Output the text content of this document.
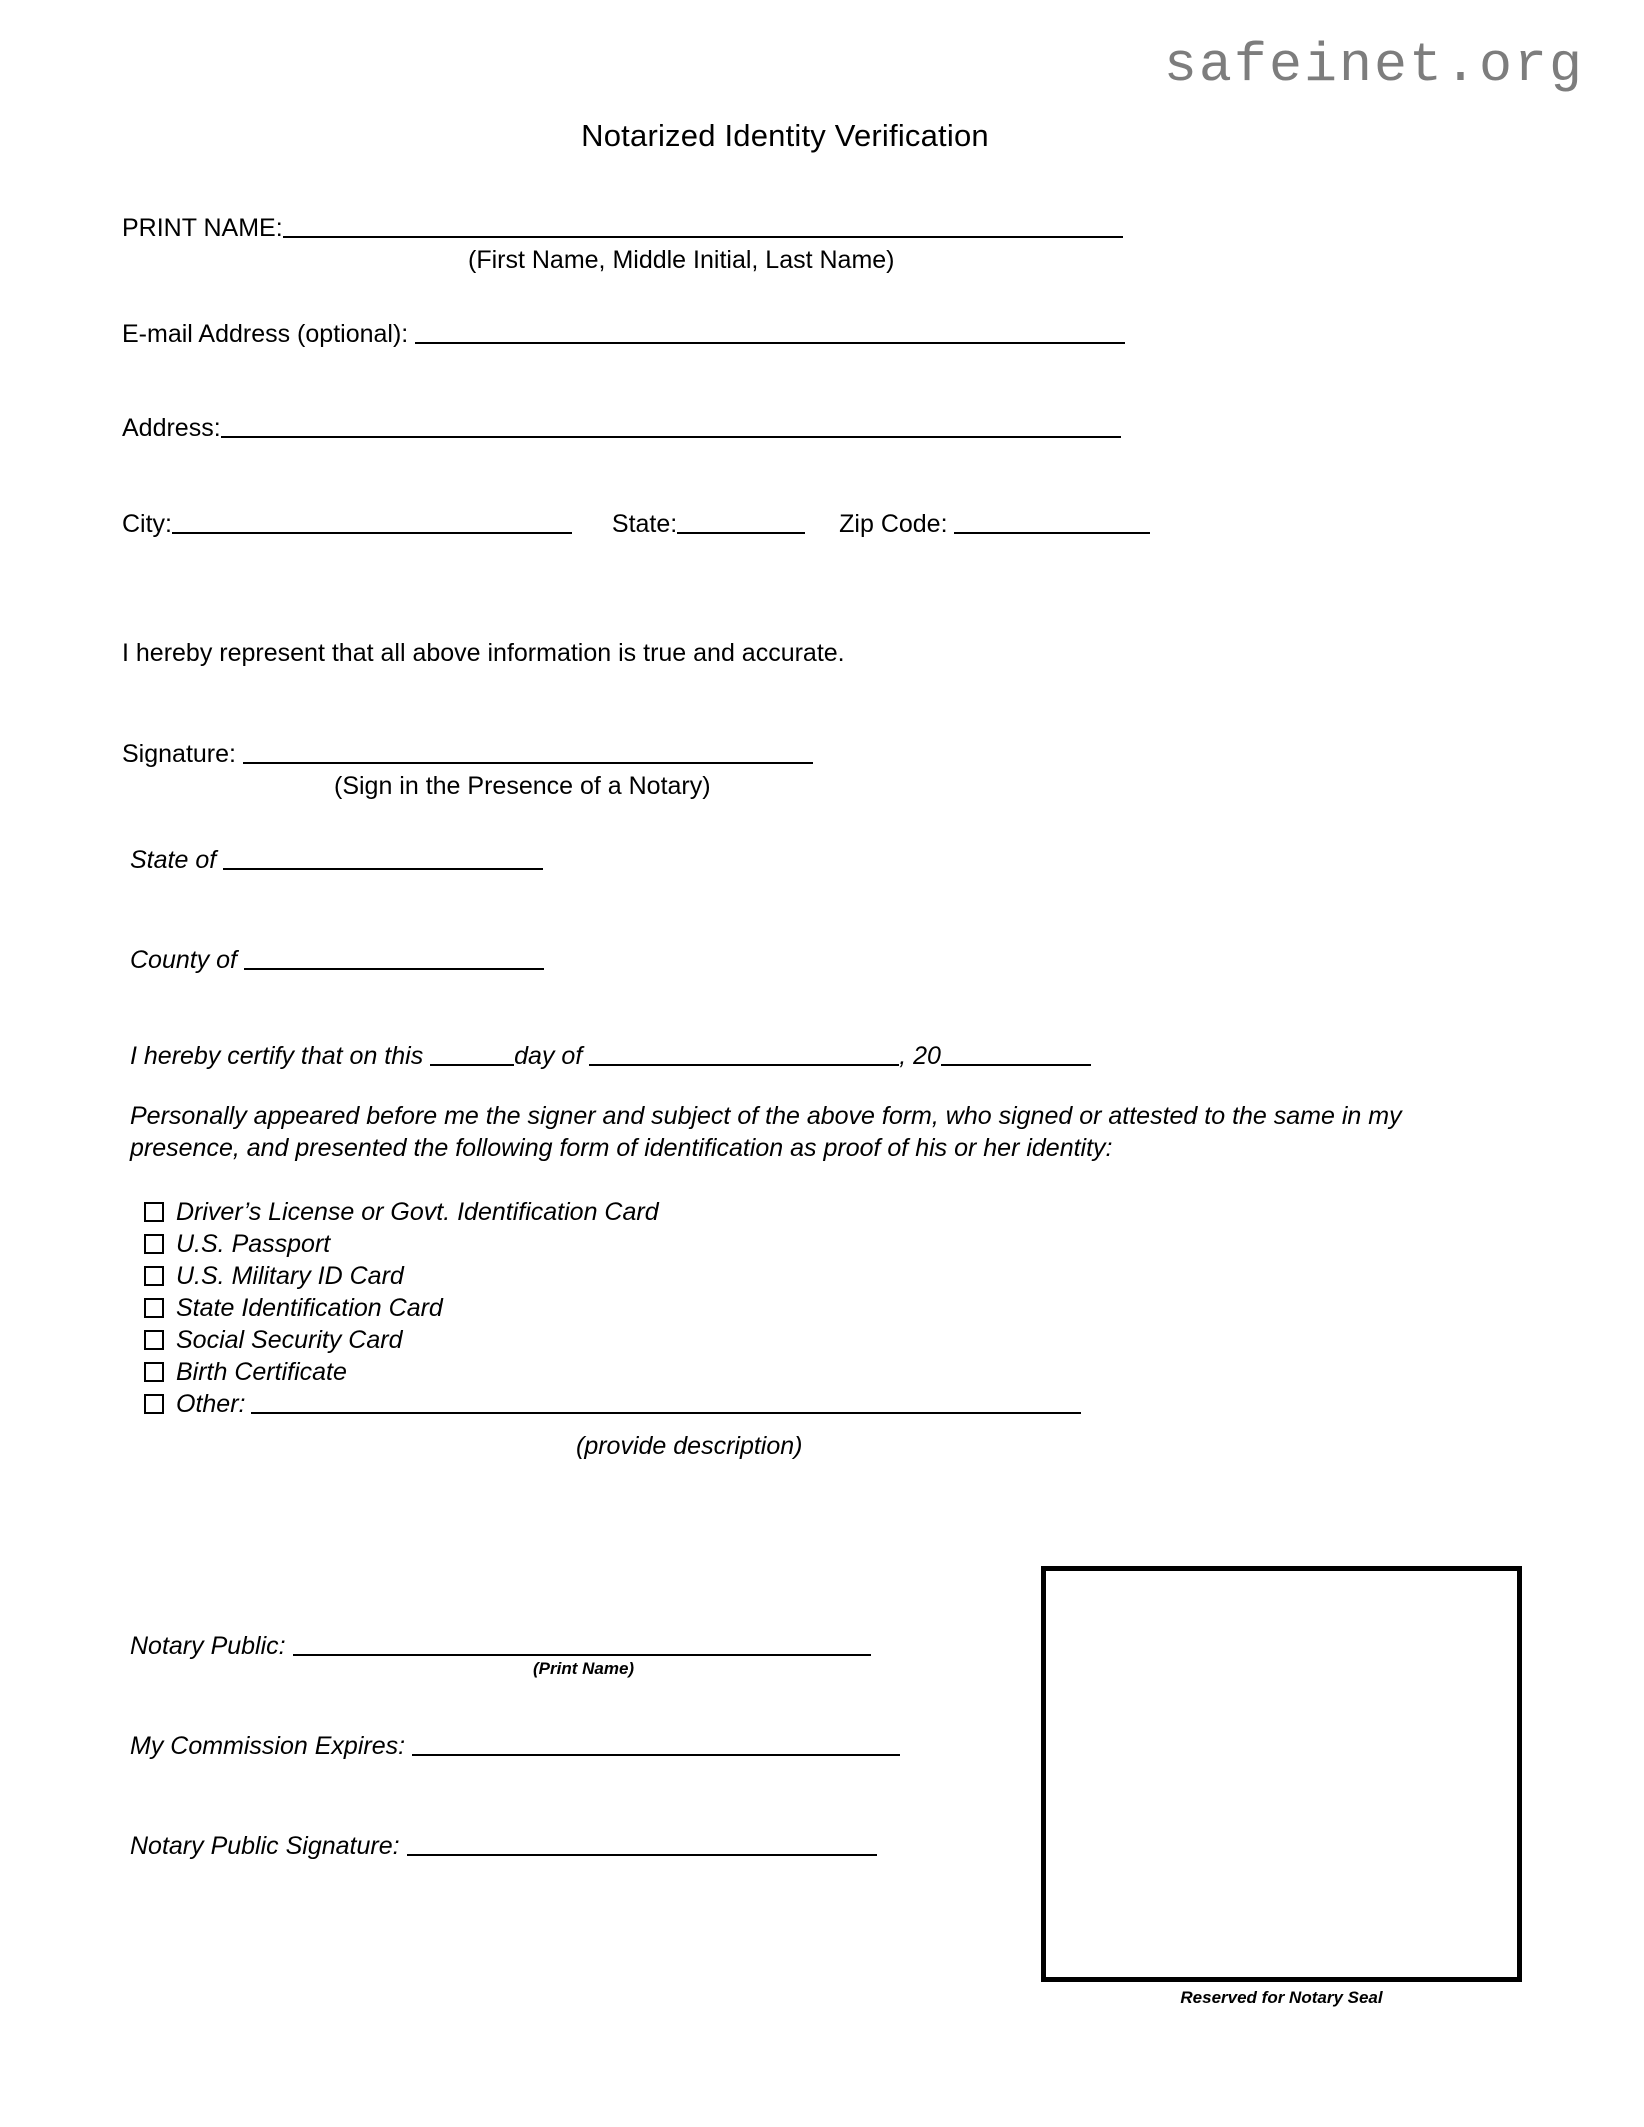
safeinet.org
Notarized Identity Verification
PRINT NAME:
(First Name, Middle Initial, Last Name)
E-mail Address (optional):
Address:
City:	State:	Zip Code:
I hereby represent that all above information is true and accurate.
Signature:
(Sign in the Presence of a Notary)
State of
County of
I hereby certify that on this	day of	, 20
Personally appeared before me the signer and subject of the above form, who signed or attested to the same in my presence, and presented the following form of identification as proof of his or her identity:
Driver’s License or Govt. Identification Card
U.S. Passport
U.S. Military ID Card
State Identification Card
Social Security Card
Birth Certificate
Other:
(provide description)
Notary Public:
(Print Name)
My Commission Expires:
Notary Public Signature:
Reserved for Notary Seal
